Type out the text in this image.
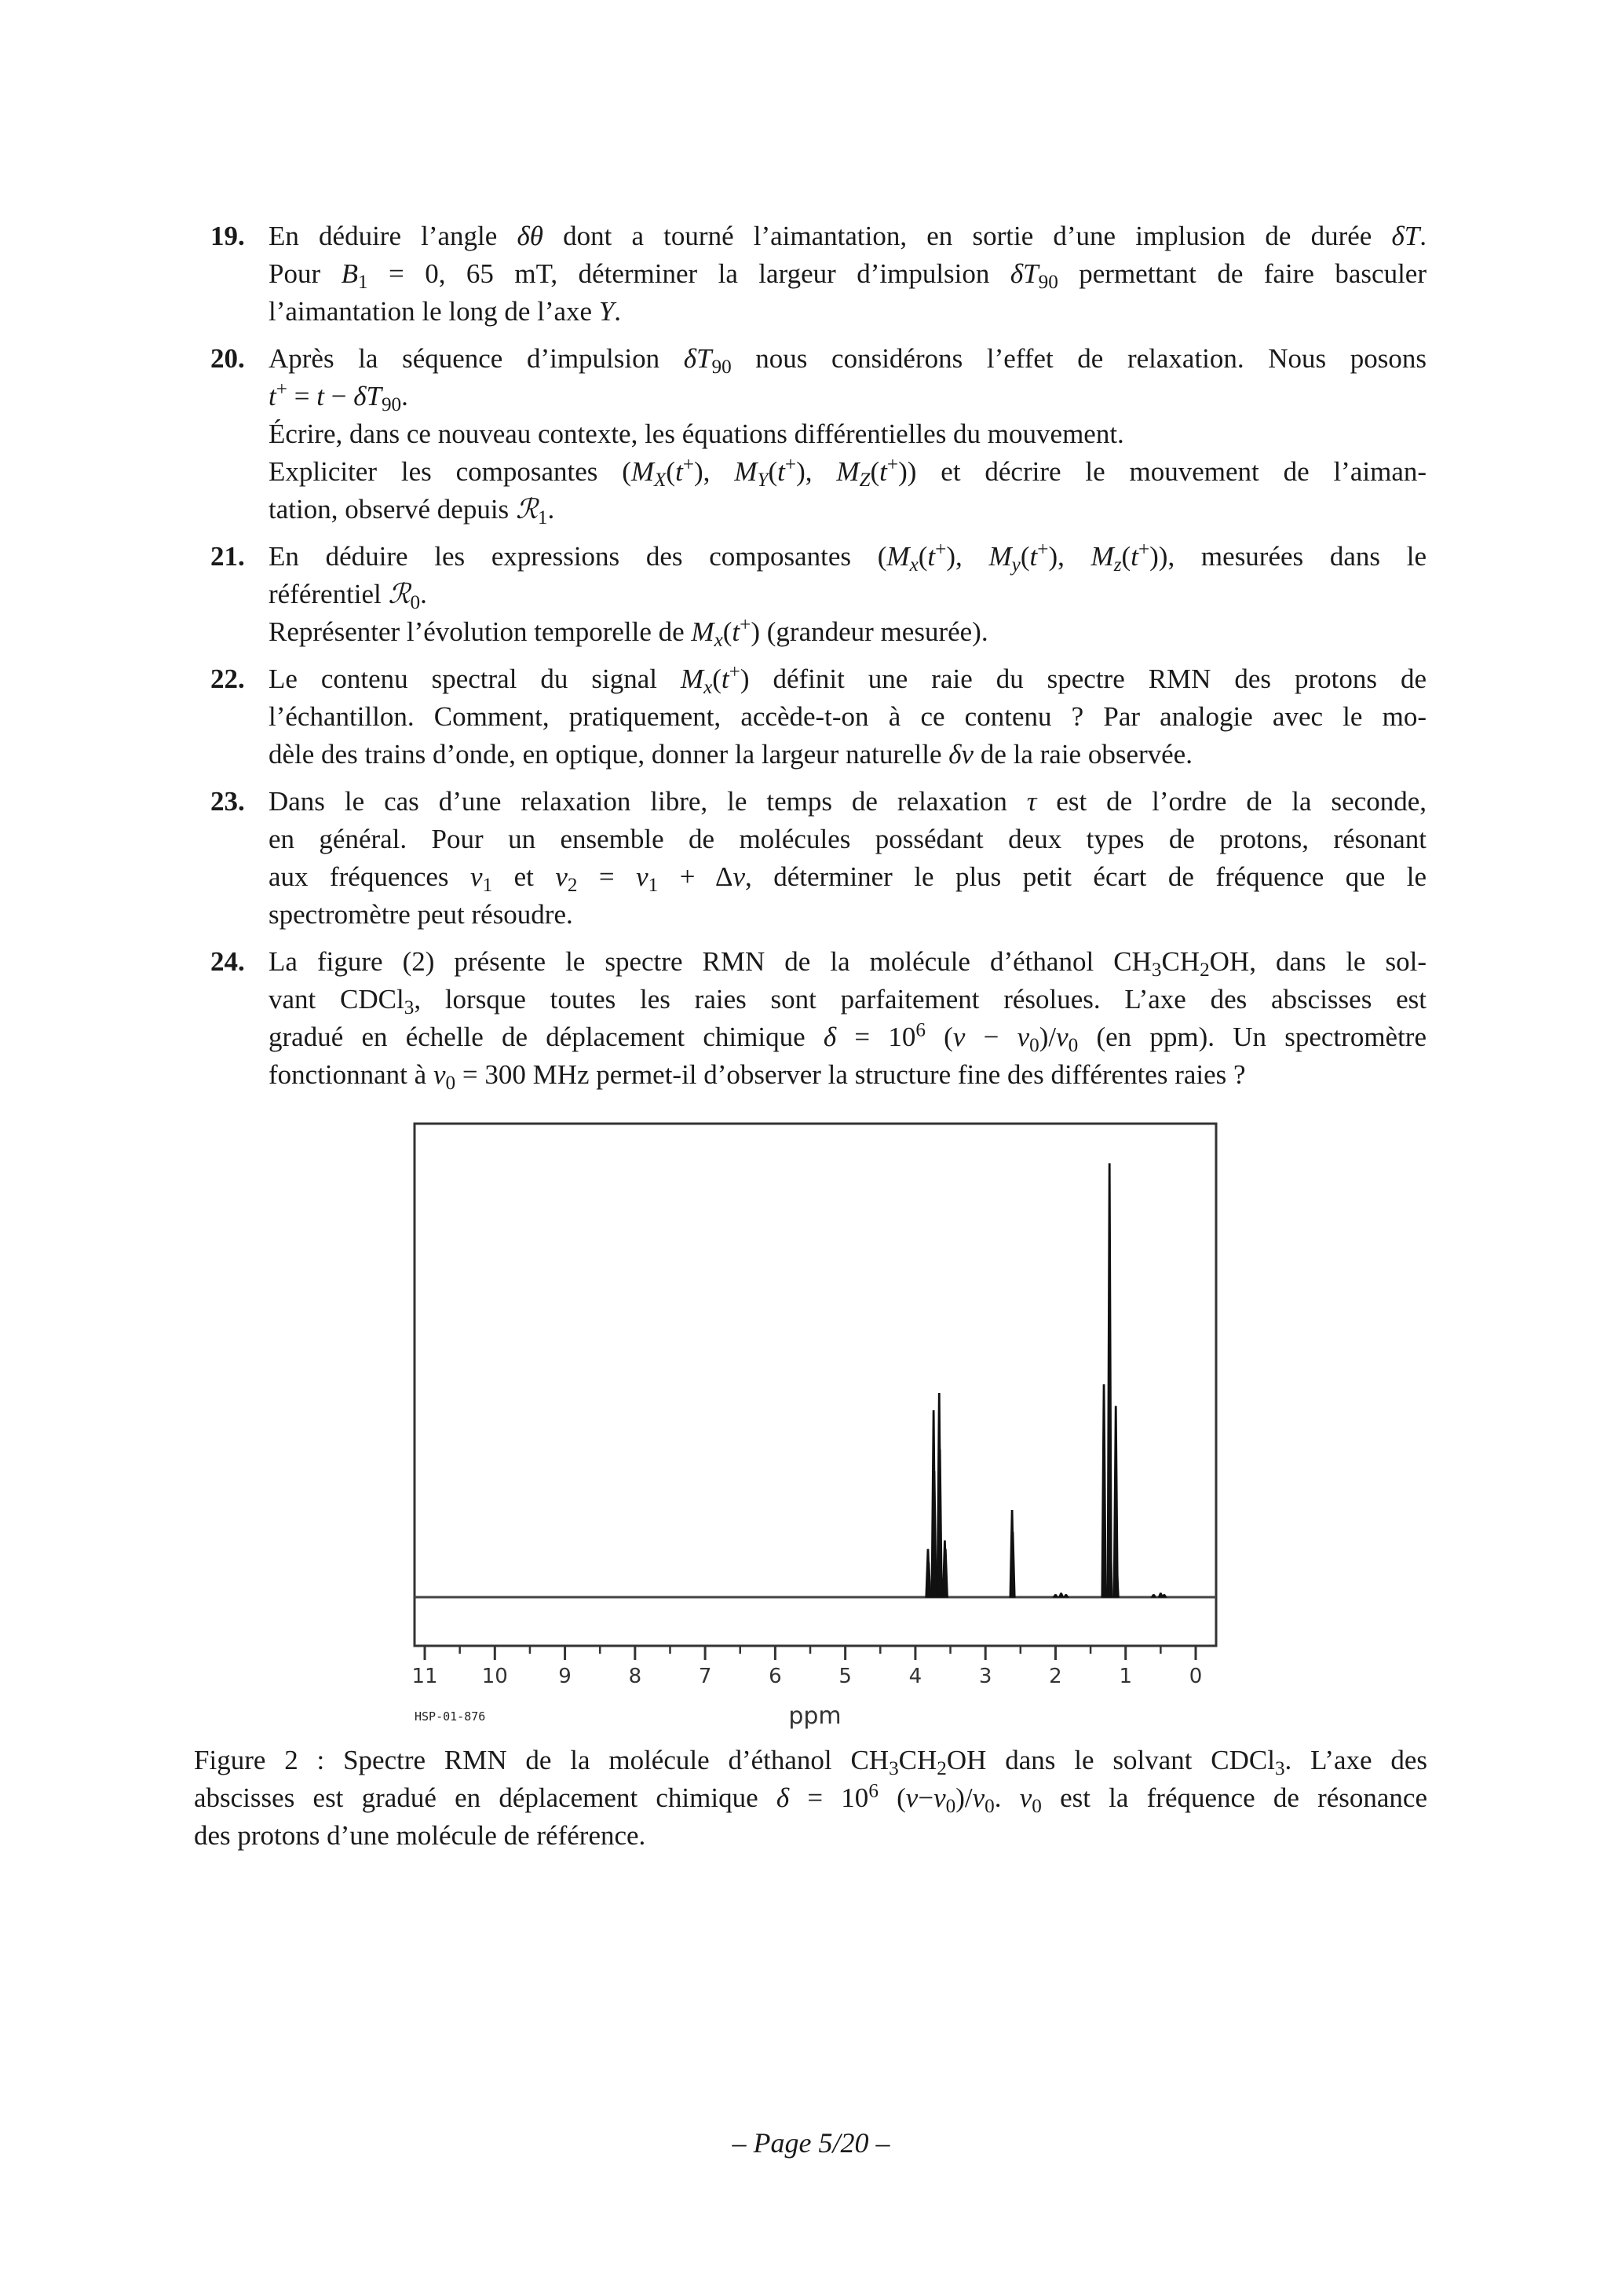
19. En déduire l’angle δθ dont a tourné l’aimantation, en sortie d’une implusion de durée δT.
Pour $B_1 = 0$, 65 mT, déterminer la largeur d’impulsion $\delta T_{90}$ permettant de faire basculer
l’aimantation le long de l’axe Y.
20. Après la séquence d’impulsion $\delta T_{90}$ nous considérons l’effet de relaxation. Nous posons
$t^+ = t - \delta T_{90}$.
Écrire, dans ce nouveau contexte, les équations différentielles du mouvement.
Expliciter les composantes ($M_X(t^+)$, $M_Y(t^+)$, $M_Z(t^+)$) et décrire le mouvement de l’aiman-
tation, observé depuis ℛ$_1$.
21. En déduire les expressions des composantes ($M_x(t^+)$, $M_y(t^+)$, $M_z(t^+)$), mesurées dans le
référentiel ℛ$_0$.
Représenter l’évolution temporelle de $M_x(t^+)$ (grandeur mesurée).
22. Le contenu spectral du signal $M_x(t^+)$ définit une raie du spectre RMN des protons de
l’échantillon. Comment, pratiquement, accède-t-on à ce contenu ? Par analogie avec le mo-
dèle des trains d’onde, en optique, donner la largeur naturelle δν de la raie observée.
23. Dans le cas d’une relaxation libre, le temps de relaxation τ est de l’ordre de la seconde,
en général. Pour un ensemble de molécules possédant deux types de protons, résonant
aux fréquences $\nu_1$ et $\nu_2 = \nu_1 + \Delta\nu$, déterminer le plus petit écart de fréquence que le
spectromètre peut résoudre.
24. La figure (2) présente le spectre RMN de la molécule d’éthanol $CH_3CH_2OH$, dans le sol-
vant CDCl$_3$, lorsque toutes les raies sont parfaitement résolues. L’axe des abscisses est
gradué en échelle de déplacement chimique $\delta = 10^6$ $(\nu - \nu_0)/\nu_0$ (en ppm). Un spectromètre
fonctionnant à $\nu_0 = 300$ MHz permet-il d’observer la structure fine des différentes raies ?
11 10 9	8	7	6	5	4	3	2	1	0
ppm
HSP-01-876
Figure 2 : Spectre RMN de la molécule d’éthanol $CH_3CH_2OH$ dans le solvant CDCl$_3$. L’axe des
abscisses est gradué en déplacement chimique $\delta = 10^6$ $(\nu-\nu_0)/\nu_0$. $\nu_0$ est la fréquence de résonance
des protons d’une molécule de référence.
– Page 5/20 –
